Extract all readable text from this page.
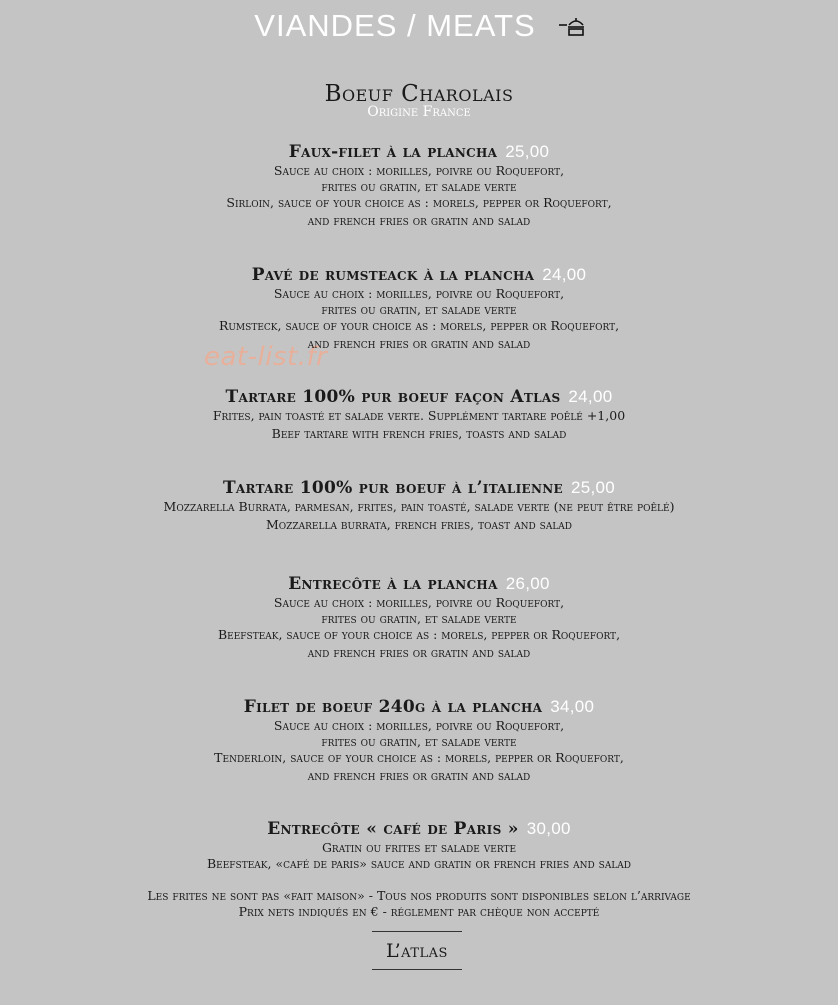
VIANDES / MEATS
Boeuf Charolais
Origine France
eat-list.fr
Faux-filet à la plancha 25,00
Sauce au choix : morilles, poivre ou Roquefort,
frites ou gratin, et salade verte
Sirloin, sauce of your choice as : morels, pepper or Roquefort,
and french fries or gratin and salad
Pavé de rumsteack à la plancha 24,00
Sauce au choix : morilles, poivre ou Roquefort,
frites ou gratin, et salade verte
Rumsteck, sauce of your choice as : morels, pepper or Roquefort,
and french fries or gratin and salad
Tartare 100% pur boeuf façon Atlas 24,00
Frites, pain toasté et salade verte. Supplément tartare poêlé +1,00
Beef tartare with french fries, toasts and salad
Tartare 100% pur boeuf à l’italienne 25,00
Mozzarella Burrata, parmesan, frites, pain toasté, salade verte (ne peut être poêlé)
Mozzarella burrata, french fries, toast and salad
Entrecôte à la plancha 26,00
Sauce au choix : morilles, poivre ou Roquefort,
frites ou gratin, et salade verte
Beefsteak, sauce of your choice as : morels, pepper or Roquefort,
and french fries or gratin and salad
Filet de boeuf 240g à la plancha 34,00
Sauce au choix : morilles, poivre ou Roquefort,
frites ou gratin, et salade verte
Tenderloin, sauce of your choice as : morels, pepper or Roquefort,
and french fries or gratin and salad
Entrecôte « café de Paris » 30,00
Gratin ou frites et salade verte
Beefsteak, «café de paris» sauce and gratin or french fries and salad
Les frites ne sont pas «fait maison» - Tous nos produits sont disponibles selon l’arrivage
Prix nets indiqués en € - réglement par chèque non accepté
L’atlas
